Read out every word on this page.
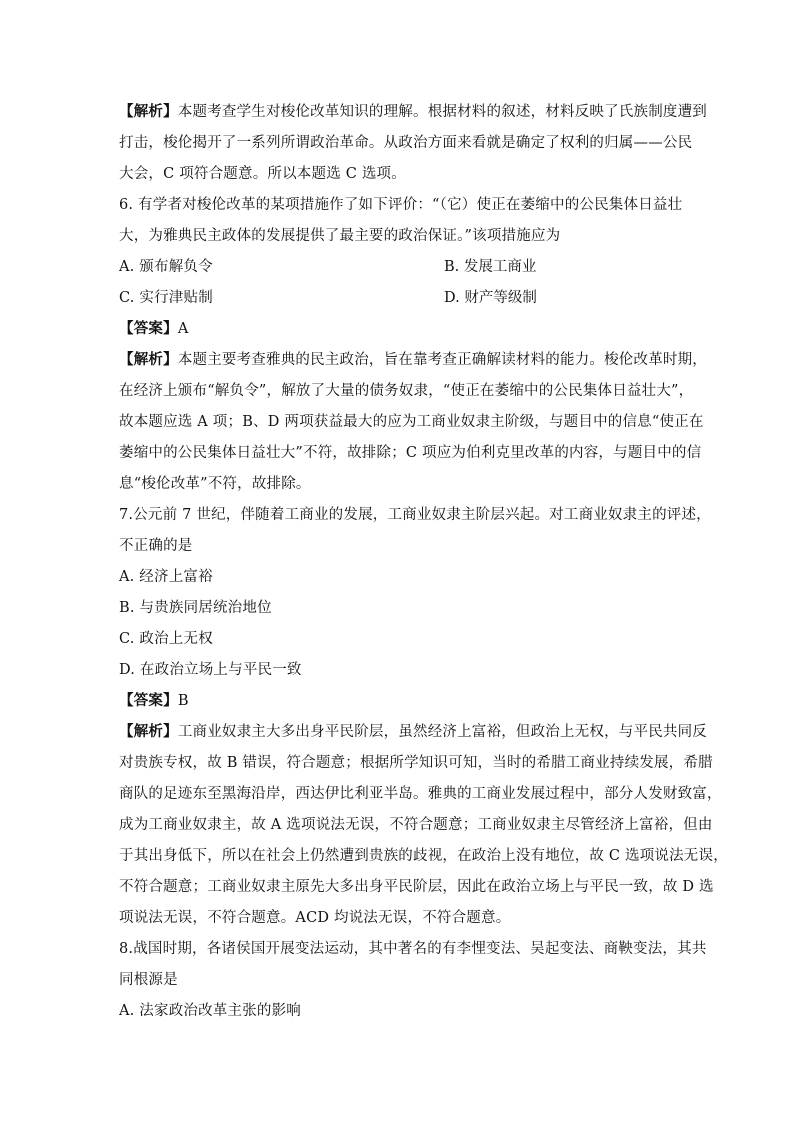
【解析】本题考查学生对梭伦改革知识的理解。根据材料的叙述，材料反映了氏族制度遭到
打击，梭伦揭开了一系列所谓政治革命。从政治方面来看就是确定了权利的归属——公民
大会，C 项符合题意。所以本题选 C 选项。
6. 有学者对梭伦改革的某项措施作了如下评价：“（它）使正在萎缩中的公民集体日益壮
大，为雅典民主政体的发展提供了最主要的政治保证。”该项措施应为
A. 颁布解负令	B. 发展工商业
C. 实行津贴制	D. 财产等级制
【答案】A
【解析】本题主要考查雅典的民主政治，旨在靠考查正确解读材料的能力。梭伦改革时期，
在经济上颁布“解负令”，解放了大量的债务奴隶，“使正在萎缩中的公民集体日益壮大”，
故本题应选 A 项；B、D 两项获益最大的应为工商业奴隶主阶级，与题目中的信息“使正在
萎缩中的公民集体日益壮大”不符，故排除；C 项应为伯利克里改革的内容，与题目中的信
息“梭伦改革”不符，故排除。
7.公元前 7 世纪，伴随着工商业的发展，工商业奴隶主阶层兴起。对工商业奴隶主的评述，
不正确的是
A. 经济上富裕
B. 与贵族同居统治地位
C. 政治上无权
D. 在政治立场上与平民一致
【答案】B
【解析】工商业奴隶主大多出身平民阶层，虽然经济上富裕，但政治上无权，与平民共同反
对贵族专权，故 B 错误，符合题意；根据所学知识可知，当时的希腊工商业持续发展，希腊
商队的足迹东至黑海沿岸，西达伊比利亚半岛。雅典的工商业发展过程中，部分人发财致富，
成为工商业奴隶主，故 A 选项说法无误，不符合题意；工商业奴隶主尽管经济上富裕，但由
于其出身低下，所以在社会上仍然遭到贵族的歧视，在政治上没有地位，故 C 选项说法无误，
不符合题意；工商业奴隶主原先大多出身平民阶层，因此在政治立场上与平民一致，故 D 选
项说法无误，不符合题意。ACD 均说法无误，不符合题意。
8.战国时期，各诸侯国开展变法运动，其中著名的有李悝变法、吴起变法、商鞅变法，其共
同根源是
A. 法家政治改革主张的影响
